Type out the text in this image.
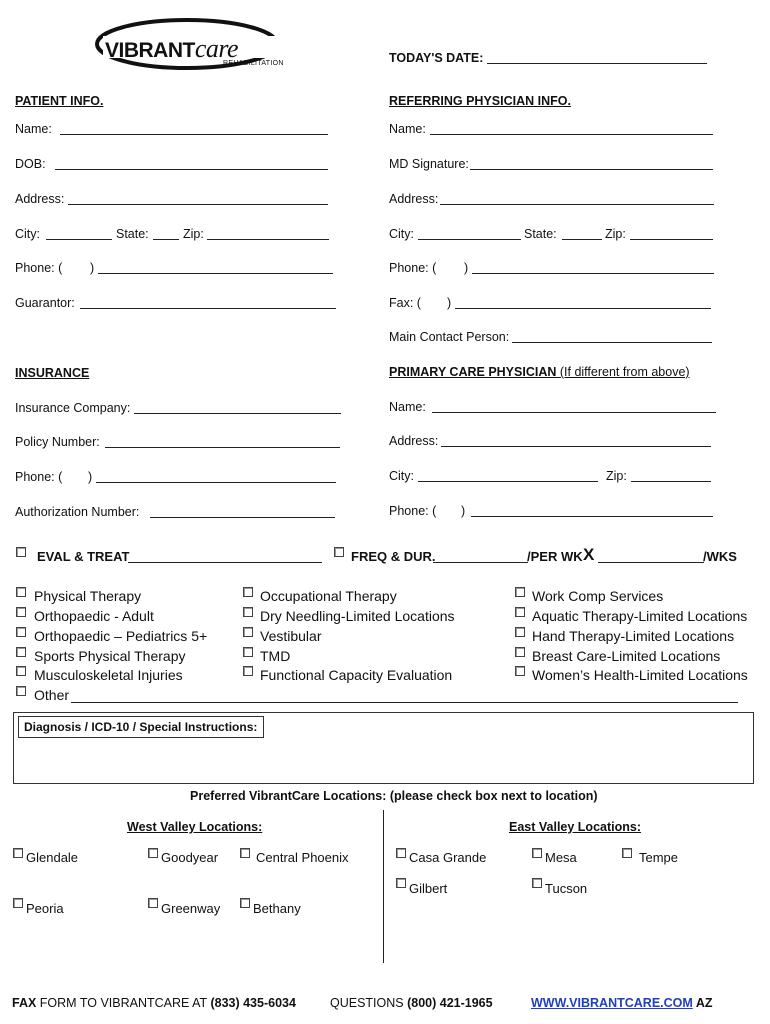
VIBRANTcare
REHABILITATION	TODAY'S DATE:
PATIENT INFO.
Name:
DOB:
Address:
City:	State:	Zip:
Phone: ( )
Guarantor:
REFERRING PHYSICIAN INFO.
Name:
MD Signature:
Address:
City:	State:	Zip:
Phone: ( )
Fax: ( )
Main Contact Person:
INSURANCE
Insurance Company:
Policy Number:
Phone: ( )
Authorization Number:
PRIMARY CARE PHYSICIAN (If different from above)
Name:
Address:
City:	Zip:
Phone: ( )
EVAL & TREAT	FREQ & DUR.	/PER WK X	/WKS
Physical Therapy
Orthopaedic - Adult
Orthopaedic – Pediatrics 5+
Sports Physical Therapy
Musculoskeletal Injuries
Other
Occupational Therapy
Dry Needling-Limited Locations
Vestibular
TMD
Functional Capacity Evaluation
Work Comp Services
Aquatic Therapy-Limited Locations
Hand Therapy-Limited Locations
Breast Care-Limited Locations
Women’s Health-Limited Locations
Diagnosis / ICD-10 / Special Instructions:
Preferred VibrantCare Locations: (please check box next to location)
West Valley Locations:	East Valley Locations:
Glendale	Goodyear	Central Phoenix
Peoria	Greenway	Bethany
Casa Grande	Mesa	Tempe
Gilbert	Tucson
FAX FORM TO VIBRANTCARE AT (833) 435-6034	QUESTIONS (800) 421-1965	WWW.VIBRANTCARE.COM AZ
